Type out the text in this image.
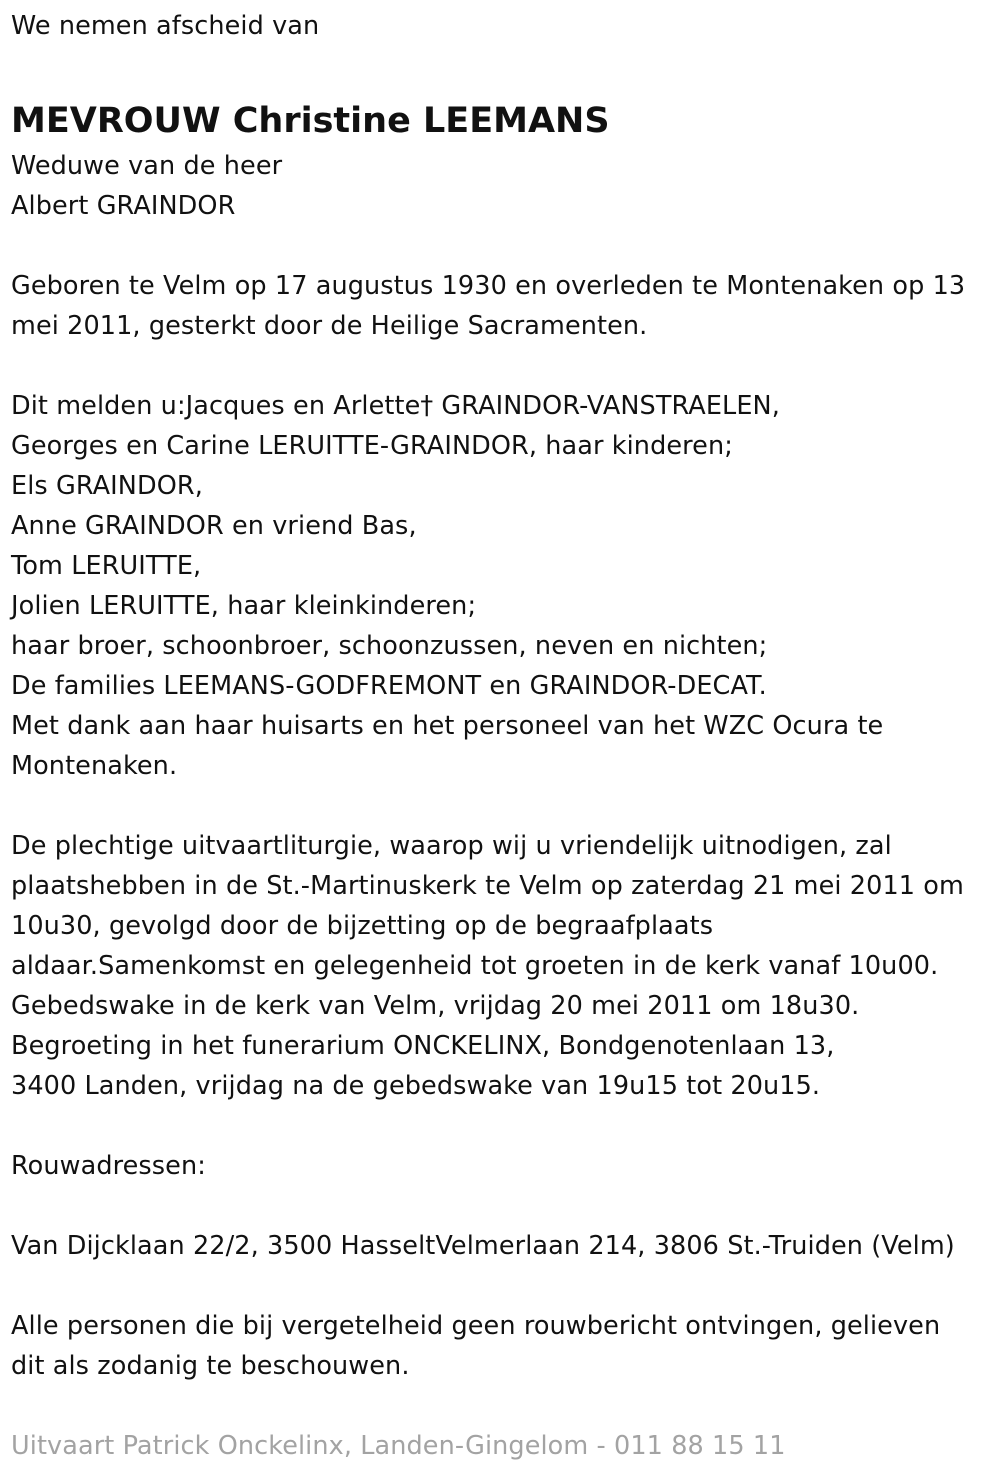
We nemen afscheid van
MEVROUW Christine LEEMANS
Weduwe van de heer
Albert GRAINDOR
Geboren te Velm op 17 augustus 1930 en overleden te Montenaken op 13
mei 2011, gesterkt door de Heilige Sacramenten.
Dit melden u:Jacques en Arlette† GRAINDOR-VANSTRAELEN,
Georges en Carine LERUITTE-GRAINDOR, haar kinderen;
Els GRAINDOR,
Anne GRAINDOR en vriend Bas,
Tom LERUITTE,
Jolien LERUITTE, haar kleinkinderen;
haar broer, schoonbroer, schoonzussen, neven en nichten;
De families LEEMANS-GODFREMONT en GRAINDOR-DECAT.
Met dank aan haar huisarts en het personeel van het WZC Ocura te
Montenaken.
De plechtige uitvaartliturgie, waarop wij u vriendelijk uitnodigen, zal
plaatshebben in de St.-Martinuskerk te Velm op zaterdag 21 mei 2011 om
10u30, gevolgd door de bijzetting op de begraafplaats
aldaar.Samenkomst en gelegenheid tot groeten in de kerk vanaf 10u00.
Gebedswake in de kerk van Velm, vrijdag 20 mei 2011 om 18u30.
Begroeting in het funerarium ONCKELINX, Bondgenotenlaan 13,
3400 Landen, vrijdag na de gebedswake van 19u15 tot 20u15.
Rouwadressen:
Van Dijcklaan 22/2, 3500 HasseltVelmerlaan 214, 3806 St.-Truiden (Velm)
Alle personen die bij vergetelheid geen rouwbericht ontvingen, gelieven
dit als zodanig te beschouwen.
Uitvaart Patrick Onckelinx, Landen-Gingelom - 011 88 15 11
